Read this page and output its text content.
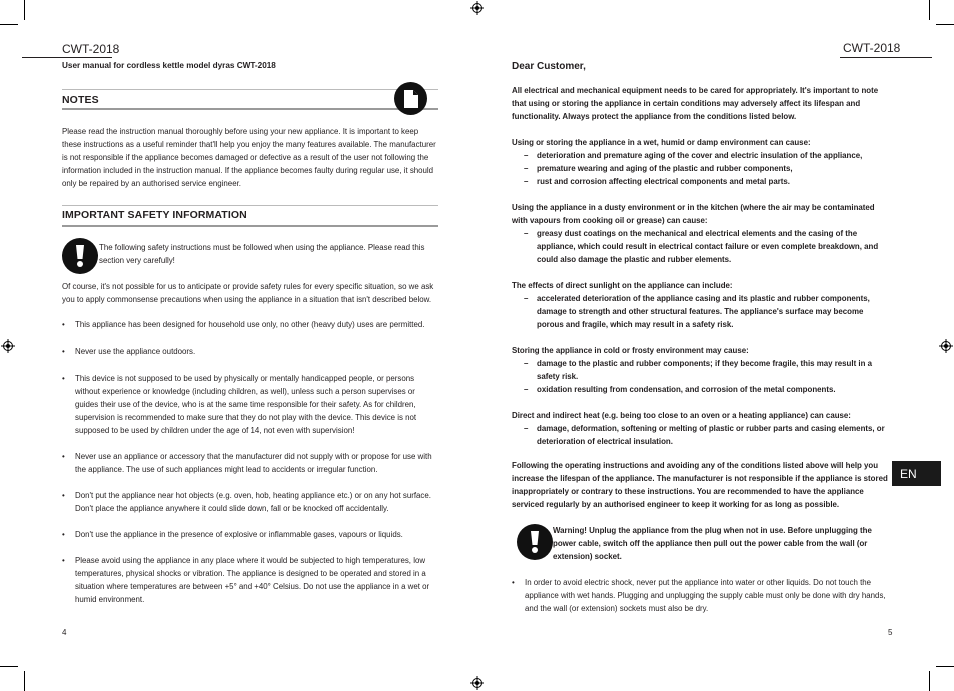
CWT-2018
User manual for cordless kettle model dyras CWT-2018
NOTES
Please read the instruction manual thoroughly before using your new appliance. It is important to keep these instructions as a useful reminder that'll help you enjoy the many features available. The manufacturer is not responsible if the appliance becomes damaged or defective as a result of the user not following the information included in the instruction manual. If the appliance becomes faulty during regular use, it should only be repaired by an authorised service engineer.
IMPORTANT SAFETY INFORMATION
The following safety instructions must be followed when using the appliance. Please read this section very carefully!
Of course, it's not possible for us to anticipate or provide safety rules for every specific situation, so we ask you to apply commonsense precautions when using the appliance in a situation that isn't described below.
• This appliance has been designed for household use only, no other (heavy duty) uses are permitted.
• Never use the appliance outdoors.
• This device is not supposed to be used by physically or mentally handicapped people, or persons without experience or knowledge (including children, as well), unless such a person supervises or guides their use of the device, who is at the same time responsible for their safety. As for children, supervision is recommended to make sure that they do not play with the device. This device is not supposed to be used by children under the age of 14, not even with supervision!
• Never use an appliance or accessory that the manufacturer did not supply with or propose for use with the appliance. The use of such appliances might lead to accidents or irregular function.
• Don't put the appliance near hot objects (e.g. oven, hob, heating appliance etc.) or on any hot surface. Don't place the appliance anywhere it could slide down, fall or be knocked off accidentally.
• Don't use the appliance in the presence of explosive or inflammable gases, vapours or liquids.
• Please avoid using the appliance in any place where it would be subjected to high temperatures, low temperatures, physical shocks or vibration. The appliance is designed to be operated and stored in a situation where temperatures are between +5° and +40° Celsius. Do not use the appliance in a wet or humid environment.
4
CWT-2018
Dear Customer,
All electrical and mechanical equipment needs to be cared for appropriately. It's important to note that using or storing the appliance in certain conditions may adversely affect its lifespan and functionality. Always protect the appliance from the conditions listed below.
Using or storing the appliance in a wet, humid or damp environment can cause:
– deterioration and premature aging of the cover and electric insulation of the appliance,
– premature wearing and aging of the plastic and rubber components,
– rust and corrosion affecting electrical components and metal parts.
Using the appliance in a dusty environment or in the kitchen (where the air may be contaminated with vapours from cooking oil or grease) can cause:
– greasy dust coatings on the mechanical and electrical elements and the casing of the appliance, which could result in electrical contact failure or even complete breakdown, and could also damage the plastic and rubber elements.
The effects of direct sunlight on the appliance can include:
– accelerated deterioration of the appliance casing and its plastic and rubber components, damage to strength and other structural features. The appliance's surface may become porous and fragile, which may result in a safety risk.
Storing the appliance in cold or frosty environment may cause:
– damage to the plastic and rubber components; if they become fragile, this may result in a safety risk.
– oxidation resulting from condensation, and corrosion of the metal components.
Direct and indirect heat (e.g. being too close to an oven or a heating appliance) can cause:
– damage, deformation, softening or melting of plastic or rubber parts and casing elements, or deterioration of electrical insulation.
Following the operating instructions and avoiding any of the conditions listed above will help you increase the lifespan of the appliance. The manufacturer is not responsible if the appliance is stored inappropriately or contrary to these instructions. You are recommended to have the appliance serviced regularly by an authorised engineer to keep it working for as long as possible.
Warning! Unplug the appliance from the plug when not in use. Before unplugging the power cable, switch off the appliance then pull out the power cable from the wall (or extension) socket.
• In order to avoid electric shock, never put the appliance into water or other liquids. Do not touch the appliance with wet hands. Plugging and unplugging the supply cable must only be done with dry hands, and the wall (or extension) sockets must also be dry.
5
EN
